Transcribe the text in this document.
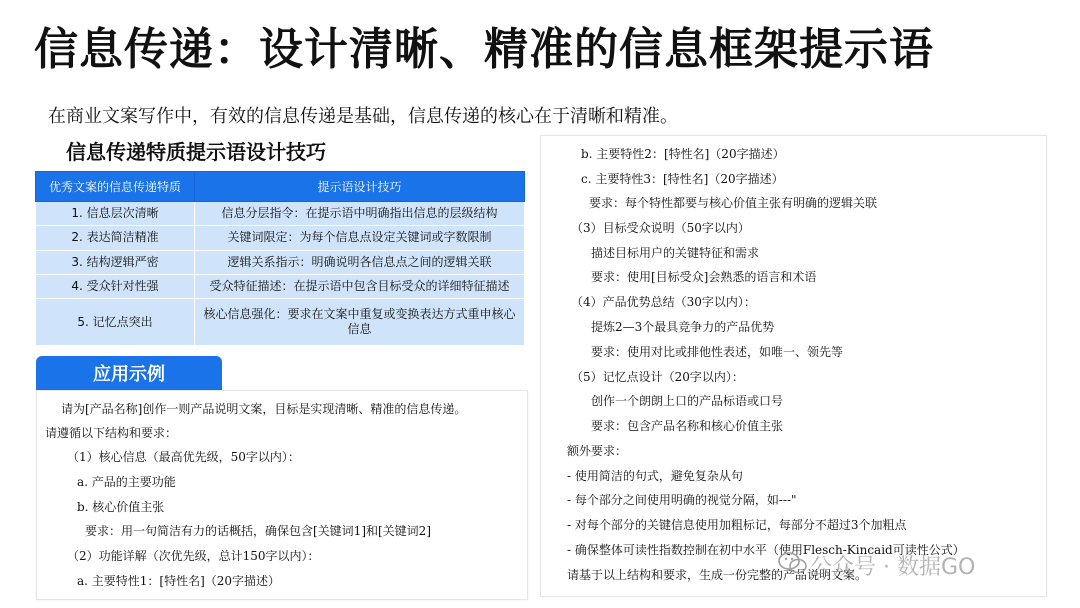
信息传递：设计清晰、精准的信息框架提示语
在商业文案写作中，有效的信息传递是基础，信息传递的核心在于清晰和精准。
信息传递特质提示语设计技巧
优秀文案的信息传递特质	提示语设计技巧
1. 信息层次清晰	信息分层指令：在提示语中明确指出信息的层级结构
2. 表达简洁精准	关键词限定：为每个信息点设定关键词或字数限制
3. 结构逻辑严密	逻辑关系指示：明确说明各信息点之间的逻辑关联
4. 受众针对性强	受众特征描述：在提示语中包含目标受众的详细特征描述
5. 记忆点突出	核心信息强化：要求在文案中重复或变换表达方式重申核心信息
应用示例
请为[产品名称]创作一则产品说明文案，目标是实现清晰、精准的信息传递。
请遵循以下结构和要求：
（1）核心信息（最高优先级，50字以内）：
a. 产品的主要功能
b. 核心价值主张
要求：用一句简洁有力的话概括，确保包含[关键词1]和[关键词2]
（2）功能详解（次优先级，总计150字以内）：
a. 主要特性1：[特性名]（20字描述）
b. 主要特性2：[特性名]（20字描述）
c. 主要特性3：[特性名]（20字描述）
要求：每个特性都要与核心价值主张有明确的逻辑关联
（3）目标受众说明（50字以内）
描述目标用户的关键特征和需求
要求：使用[目标受众]会熟悉的语言和术语
（4）产品优势总结（30字以内）：
提炼2—3个最具竞争力的产品优势
要求：使用对比或排他性表述，如唯一、领先等
（5）记忆点设计（20字以内）：
创作一个朗朗上口的产品标语或口号
要求：包含产品名称和核心价值主张
额外要求：
- 使用简洁的句式，避免复杂从句
- 每个部分之间使用明确的视觉分隔，如---"
- 对每个部分的关键信息使用加粗标记，每部分不超过3个加粗点
- 确保整体可读性指数控制在初中水平（使用Flesch-Kincaid可读性公式）
请基于以上结构和要求，生成一份完整的产品说明文案。
公众号 · 数据GO
